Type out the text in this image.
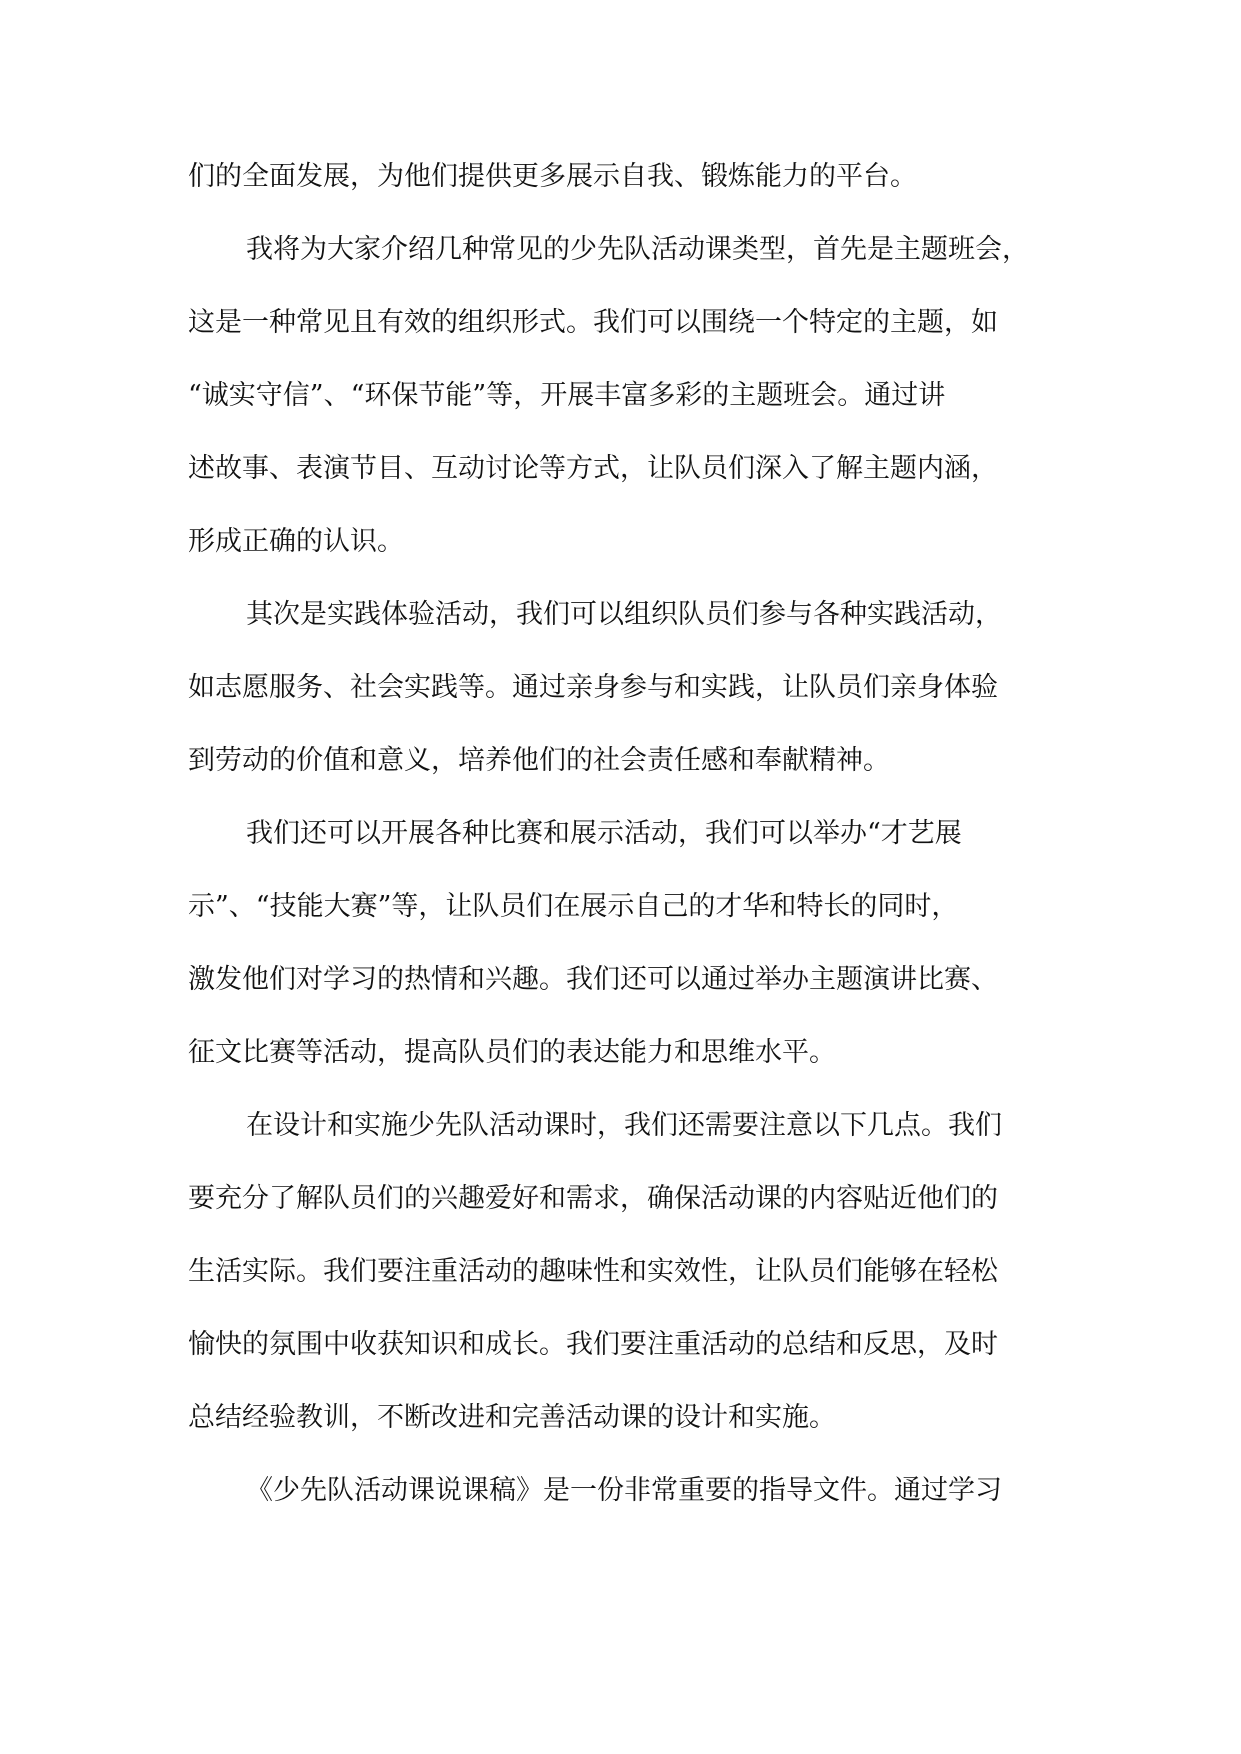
们的全面发展，为他们提供更多展示自我、锻炼能力的平台。
我将为大家介绍几种常见的少先队活动课类型，首先是主题班会，
这是一种常见且有效的组织形式。我们可以围绕一个特定的主题，如
“诚实守信”、“环保节能”等，开展丰富多彩的主题班会。通过讲
述故事、表演节目、互动讨论等方式，让队员们深入了解主题内涵，
形成正确的认识。
其次是实践体验活动，我们可以组织队员们参与各种实践活动，
如志愿服务、社会实践等。通过亲身参与和实践，让队员们亲身体验
到劳动的价值和意义，培养他们的社会责任感和奉献精神。
我们还可以开展各种比赛和展示活动，我们可以举办“才艺展
示”、“技能大赛”等，让队员们在展示自己的才华和特长的同时，
激发他们对学习的热情和兴趣。我们还可以通过举办主题演讲比赛、
征文比赛等活动，提高队员们的表达能力和思维水平。
在设计和实施少先队活动课时，我们还需要注意以下几点。我们
要充分了解队员们的兴趣爱好和需求，确保活动课的内容贴近他们的
生活实际。我们要注重活动的趣味性和实效性，让队员们能够在轻松
愉快的氛围中收获知识和成长。我们要注重活动的总结和反思，及时
总结经验教训，不断改进和完善活动课的设计和实施。
《少先队活动课说课稿》是一份非常重要的指导文件。通过学习
